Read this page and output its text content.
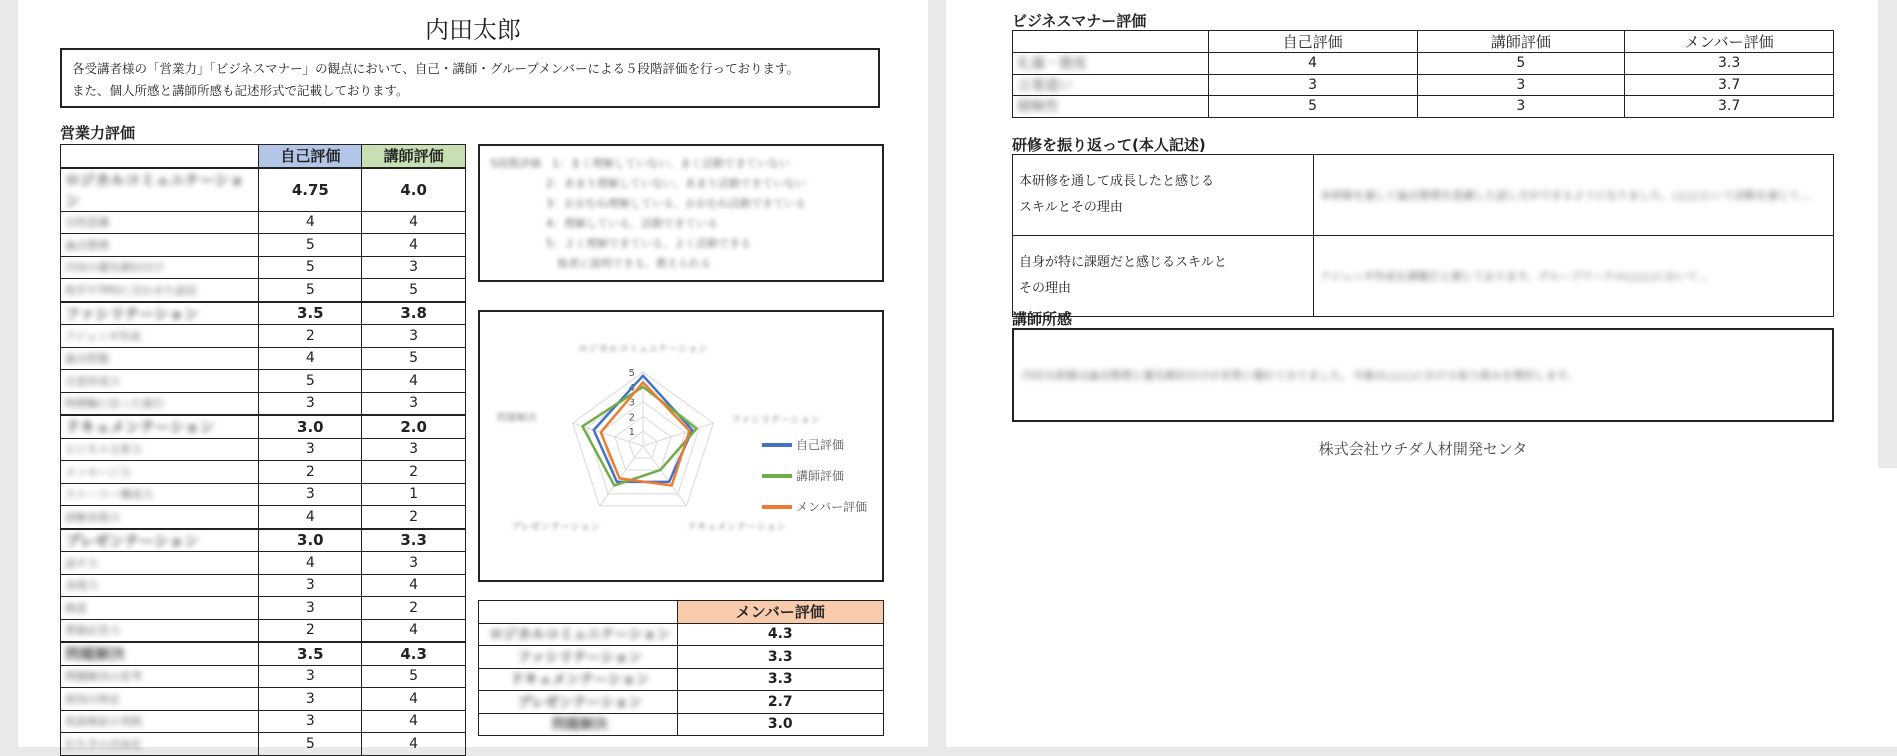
内田太郎
各受講者様の「営業力」「ビジネスマナー」の観点において、自己・講師・グループメンバーによる５段階評価を行っております。
また、個人所感と講師所感も記述形式で記載しております。
営業力評価
	自己評価	講師評価
ロジカルコミュニケーション	4.75	4.0
目的意識	4	4
論点整理	5	4
内容の優先順位付け	5	3
相手やTPOに合わせた話法	5	5
ファシリテーション	3.5	3.8
アジェンダ作成	2	3
論点把握	4	5
合意形成力	5	4
時間軸に沿った進行	3	3
ドキュメンテーション	3.0	2.0
ビジネス文章力	3	3
メッセージ力	2	2
ストーリー構成力	3	1
図解表現力	4	2
プレゼンテーション	3.0	3.3
話す力	4	3
表現力	3	4
熱意	3	2
質疑応答力	2	4
問題解決	3.5	4.3
問題解決の思考	3	5
原因の特定	3	4
仮説検証の実践	3	4
打ち手の具体化	5	4
5段階評価　1：まく理解していない、まく活動できていない
2：あまり理解していない、あまり活動できていない
3：おおむね理解している、おおむね活動できている
4：理解している、活動できている
5：よく理解できている、よく活動できる
　他者に説明できる、教えられる
1
2
3
4
5
ロジカルコミュニケーション
ファシリテーション
ドキュメンテーション
プレゼンテーション
問題解決
自己評価
講師評価
メンバー評価
	メンバー評価
ロジカルコミュニケーション	4.3
ファシリテーション	3.3
ドキュメンテーション	3.3
プレゼンテーション	2.7
問題解決	3.0
ビジネスマナー評価
	自己評価	講師評価	メンバー評価
礼儀・態度	4	5	3.3
言葉遣い	3	3	3.7
積極性	5	3	3.7
研修を振り返って(本人記述)
本研修を通して成長したと感じる
スキルとその理由	本研修を通して論点整理を意識した話し方ができるようになりました。○○○という活動を通じて…

自身が特に課題だと感じるスキルと
その理由	アジェンダ作成を課題だと感じております。グループワークの○○○において…
講師所感
内田太郎様は論点整理と優先順位付けが非常に優れておりました。今後は○○○における取り組みを期待します。
株式会社ウチダ人材開発センタ
